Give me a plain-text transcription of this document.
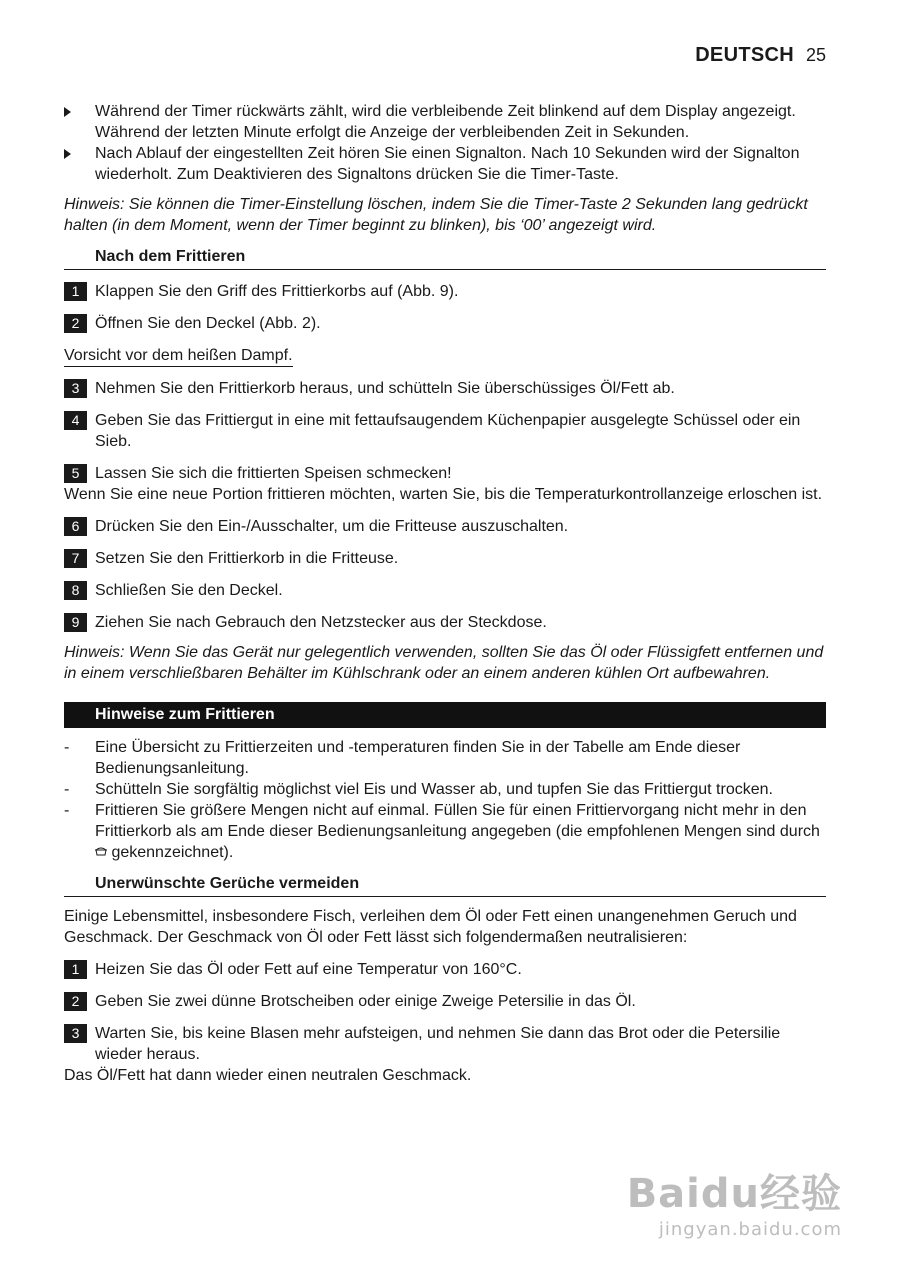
DEUTSCH 25
Während der Timer rückwärts zählt, wird die verbleibende Zeit blinkend auf dem Display angezeigt. Während der letzten Minute erfolgt die Anzeige der verbleibenden Zeit in Sekunden.
Nach Ablauf der eingestellten Zeit hören Sie einen Signalton. Nach 10 Sekunden wird der Signalton wiederholt. Zum Deaktivieren des Signaltons drücken Sie die Timer-Taste.
Hinweis: Sie können die Timer-Einstellung löschen, indem Sie die Timer-Taste 2 Sekunden lang gedrückt halten (in dem Moment, wenn der Timer beginnt zu blinken), bis ‘00’ angezeigt wird.
Nach dem Frittieren
1 Klappen Sie den Griff des Frittierkorbs auf (Abb. 9).
2 Öffnen Sie den Deckel (Abb. 2).
Vorsicht vor dem heißen Dampf.
3 Nehmen Sie den Frittierkorb heraus, und schütteln Sie überschüssiges Öl/Fett ab.
4 Geben Sie das Frittiergut in eine mit fettaufsaugendem Küchenpapier ausgelegte Schüssel oder ein Sieb.
5 Lassen Sie sich die frittierten Speisen schmecken!
Wenn Sie eine neue Portion frittieren möchten, warten Sie, bis die Temperaturkontrollanzeige erloschen ist.
6 Drücken Sie den Ein-/Ausschalter, um die Fritteuse auszuschalten.
7 Setzen Sie den Frittierkorb in die Fritteuse.
8 Schließen Sie den Deckel.
9 Ziehen Sie nach Gebrauch den Netzstecker aus der Steckdose.
Hinweis: Wenn Sie das Gerät nur gelegentlich verwenden, sollten Sie das Öl oder Flüssigfett entfernen und in einem verschließbaren Behälter im Kühlschrank oder an einem anderen kühlen Ort aufbewahren.
Hinweise zum Frittieren
- Eine Übersicht zu Frittierzeiten und -temperaturen finden Sie in der Tabelle am Ende dieser Bedienungsanleitung.
- Schütteln Sie sorgfältig möglichst viel Eis und Wasser ab, und tupfen Sie das Frittiergut trocken.
- Frittieren Sie größere Mengen nicht auf einmal. Füllen Sie für einen Frittiervorgang nicht mehr in den Frittierkorb als am Ende dieser Bedienungsanleitung angegeben (die empfohlenen Mengen sind durch  gekennzeichnet).
Unerwünschte Gerüche vermeiden
Einige Lebensmittel, insbesondere Fisch, verleihen dem Öl oder Fett einen unangenehmen Geruch und Geschmack. Der Geschmack von Öl oder Fett lässt sich folgendermaßen neutralisieren:
1 Heizen Sie das Öl oder Fett auf eine Temperatur von 160°C.
2 Geben Sie zwei dünne Brotscheiben oder einige Zweige Petersilie in das Öl.
3 Warten Sie, bis keine Blasen mehr aufsteigen, und nehmen Sie dann das Brot oder die Petersilie wieder heraus.
Das Öl/Fett hat dann wieder einen neutralen Geschmack.
Baidu经验
jingyan.baidu.com
